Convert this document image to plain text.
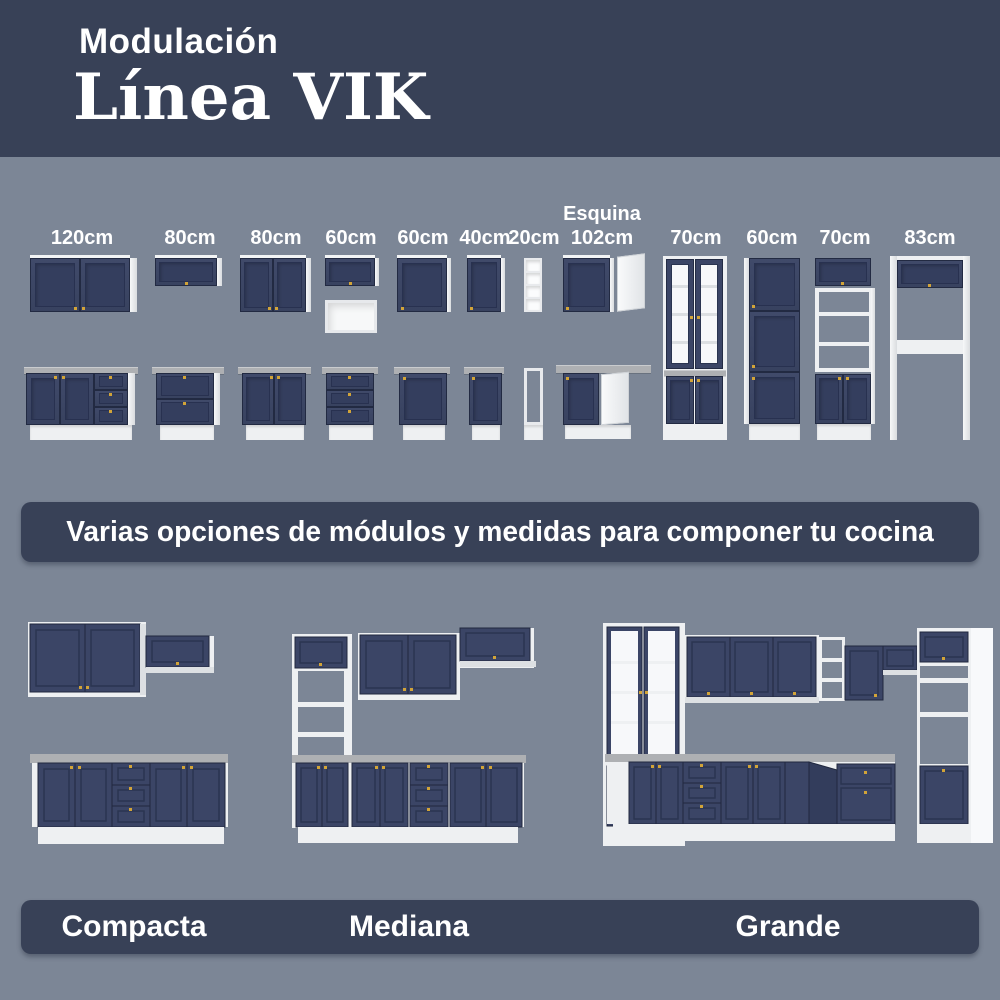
Modulación
Línea VIK
120cm	80cm	80cm	60cm	60cm 40cm
20cm
Esquina
102cm	70cm	60cm	70cm	83cm
Varias opciones de módulos y medidas para componer tu cocina
Compacta	Mediana	Grande
